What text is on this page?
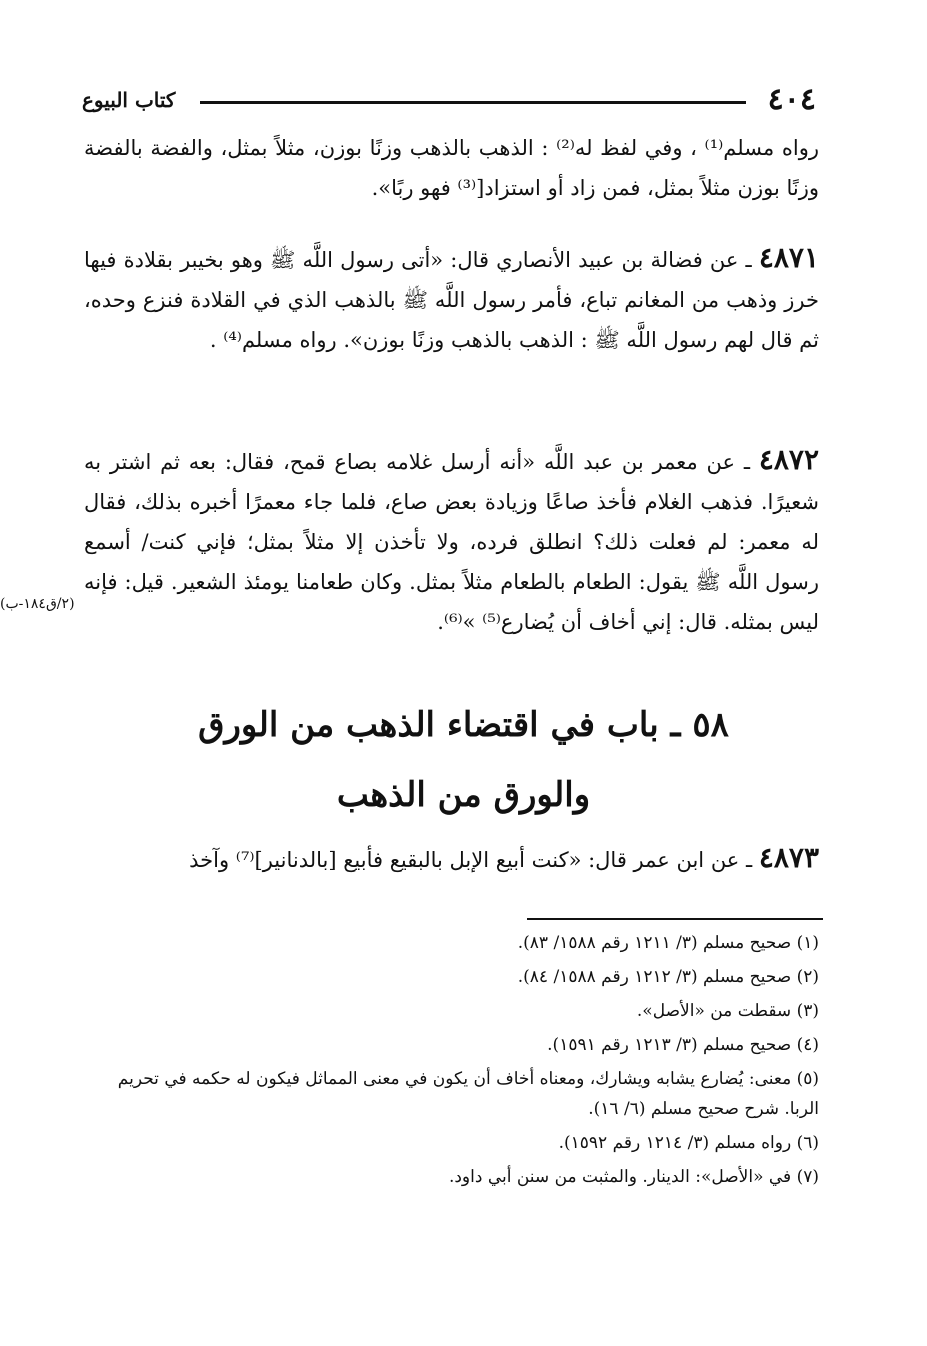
٤٠٤
كتاب البيوع
رواه مسلم⁽¹⁾ ، وفي لفظ له⁽²⁾ : الذهب بالذهب وزنًا بوزن، مثلاً بمثل، والفضة بالفضة وزنًا بوزن مثلاً بمثل، فمن زاد أو استزاد[⁽³⁾ فهو ربًا».
٤٨٧١ ـ عن فضالة بن عبيد الأنصاري قال: «أتى رسول اللَّه ﷺ وهو بخيبر بقلادة فيها خرز وذهب من المغانم تباع، فأمر رسول اللَّه ﷺ بالذهب الذي في القلادة فنزع وحده، ثم قال لهم رسول اللَّه ﷺ : الذهب بالذهب وزنًا بوزن». رواه مسلم⁽⁴⁾ .
٤٨٧٢ ـ عن معمر بن عبد اللَّه «أنه أرسل غلامه بصاع قمح، فقال: بعه ثم اشتر به شعيرًا. فذهب الغلام فأخذ صاعًا وزيادة بعض صاع، فلما جاء معمرًا أخبره بذلك، فقال له معمر: لم فعلت ذلك؟ انطلق فرده، ولا تأخذن إلا مثلاً بمثل؛ فإني كنت/ أسمع رسول اللَّه ﷺ يقول: الطعام بالطعام مثلاً بمثل. وكان طعامنا يومئذ الشعير. قيل: فإنه ليس بمثله. قال: إني أخاف أن يُضارع⁽⁵⁾ »⁽⁶⁾.
(٢/ق١٨٤-ب)
٥٨ ـ باب في اقتضاء الذهب من الورق
والورق من الذهب
٤٨٧٣ ـ عن ابن عمر قال: «كنت أبيع الإبل بالبقيع فأبيع [بالدنانير]⁽⁷⁾ وآخذ

(١) صحيح مسلم (٣/ ١٢١١ رقم ١٥٨٨/ ٨٣).

(٢) صحيح مسلم (٣/ ١٢١٢ رقم ١٥٨٨/ ٨٤).

(٣) سقطت من «الأصل».

(٤) صحيح مسلم (٣/ ١٢١٣ رقم ١٥٩١).

(٥) معنى: يُضارع يشابه ويشارك، ومعناه أخاف أن يكون في معنى المماثل فيكون له حكمه في تحريم الربا. شرح صحيح مسلم (٦/ ١٦).

(٦) رواه مسلم (٣/ ١٢١٤ رقم ١٥٩٢).

(٧) في «الأصل»: الدينار. والمثبت من سنن أبي داود.
